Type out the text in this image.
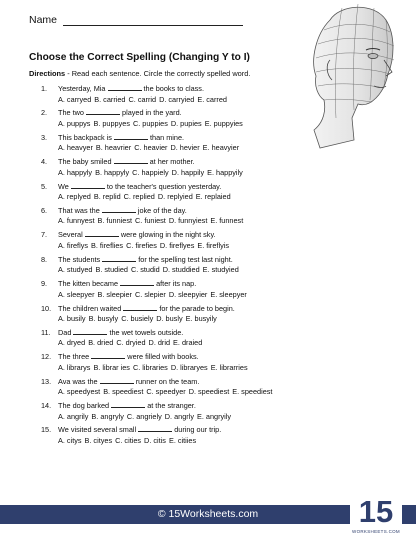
Name
Choose the Correct Spelling (Changing Y to I)
Directions - Read each sentence. Circle the correctly spelled word.
1. Yesterday, Mia	the books to class.
A. carryed B. carried C. carrid D. carryied E. carred
2. The two	played in the yard.
A. puppys B. puppyes C. puppies D. pupies E. puppyies
3. This backpack is	than mine.
A. heavyer B. heavrier C. heavier D. hevier E. heavyier
4. The baby smiled	at her mother.
A. happyly B. happyly C. happiely D. happily E. happyily
5. We	to the teacher's question yesterday.
A. replyed B. replid C. replied D. replyied E. replaied
6. That was the	joke of the day.
A. funnyest B. funniest C. funiest D. funnyiest E. funnest
7. Several	were glowing in the night sky.
A. fireflys B. fireflies C. firefies D. fireflyes E. fireflyis
8. The students	for the spelling test last night.
A. studyed B. studied C. studid D. studdied E. studyied
9. The kitten became	after its nap.
A. sleepyer B. sleepier C. slepier D. sleepyier E. sleepyer
10. The children waited	for the parade to begin.
A. busily B. busyly C. busiely D. busly E. busyily
11. Dad	the wet towels outside.
A. dryed B. dried C. dryied D. drid E. draied
12. The three	were filled with books.
A. librarys B. librar ies C. libraries D. libraryes E. librarries
13. Ava was the	runner on the team.
A. speedyest B. speediest C. speedyer D. speediest E. speediest
14. The dog barked	at the stranger.
A. angrily B. angryly C. angriely D. angrly E. angryily
15. We visited several small	during our trip.
A. citys B. cityes C. cities D. citis E. citiies
© 15Worksheets.com	15
WORKSHEETS.COM
